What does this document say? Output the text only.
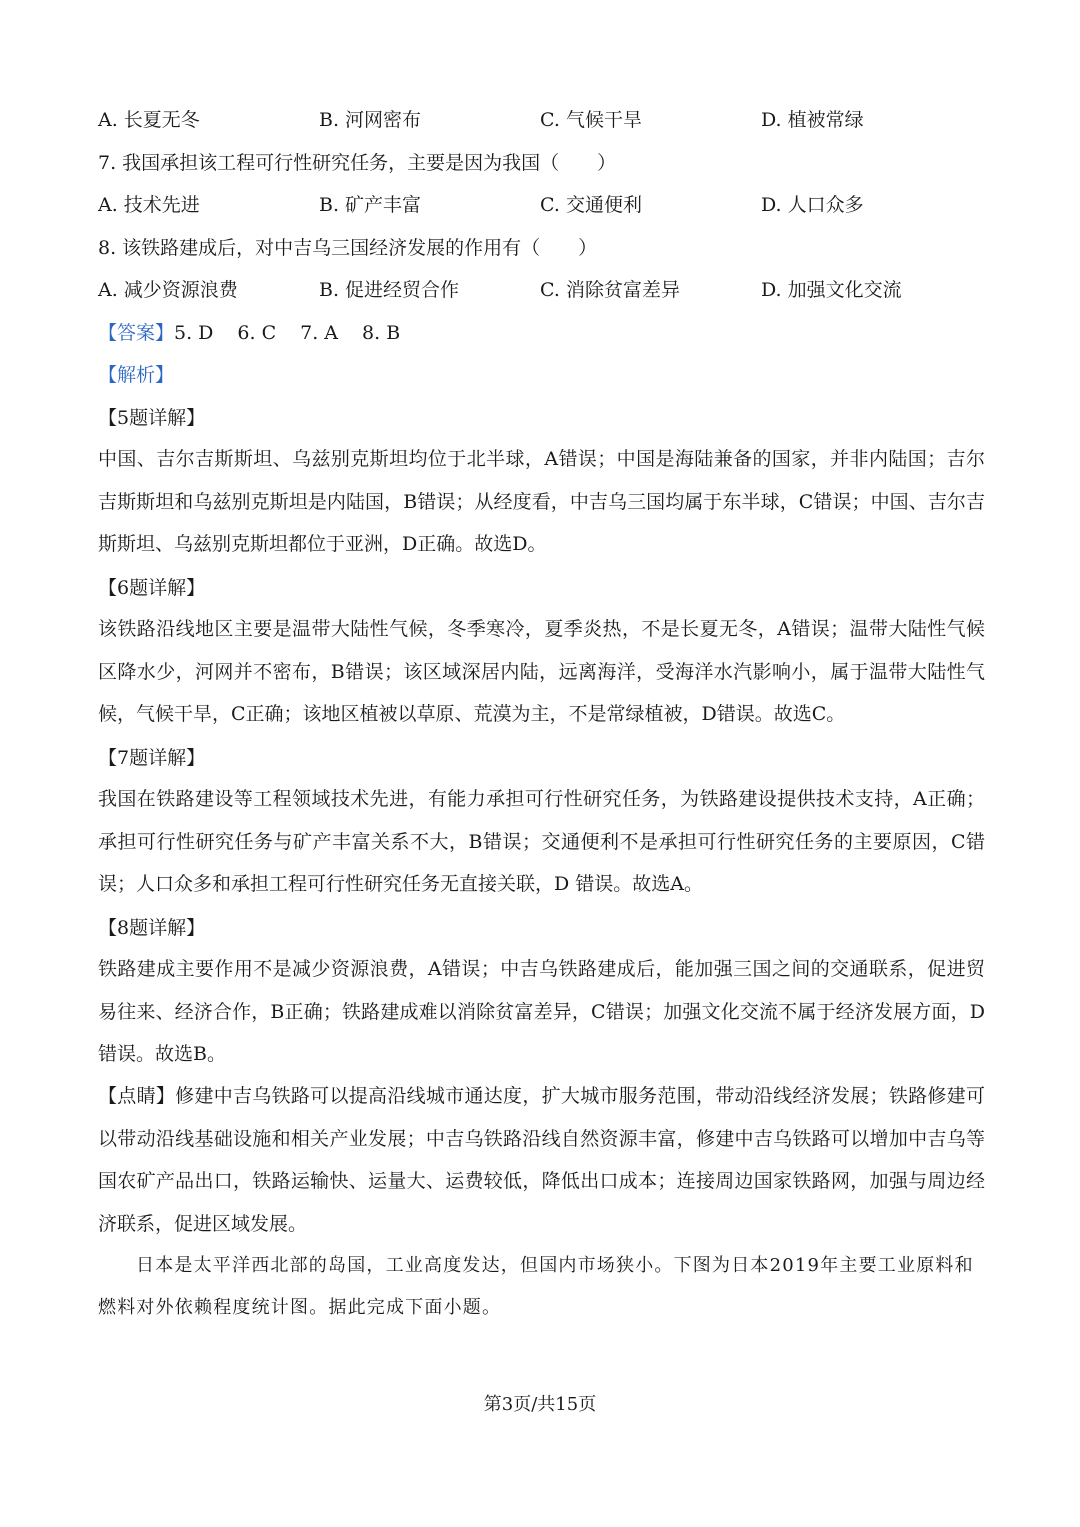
A. 长夏无冬	B. 河网密布	C. 气候干旱	D. 植被常绿
7. 我国承担该工程可行性研究任务，主要是因为我国（　　）
A. 技术先进	B. 矿产丰富	C. 交通便利	D. 人口众多
8. 该铁路建成后，对中吉乌三国经济发展的作用有（　　）
A. 减少资源浪费	B. 促进经贸合作	C. 消除贫富差异	D. 加强文化交流
【答案】5. D 6. C 7. A 8. B
【解析】
【5题详解】
中国、吉尔吉斯斯坦、乌兹别克斯坦均位于北半球，A错误；中国是海陆兼备的国家，并非内陆国；吉尔吉斯斯坦和乌兹别克斯坦是内陆国，B错误；从经度看，中吉乌三国均属于东半球，C错误；中国、吉尔吉斯斯坦、乌兹别克斯坦都位于亚洲，D正确。故选D。
【6题详解】
该铁路沿线地区主要是温带大陆性气候，冬季寒冷，夏季炎热，不是长夏无冬，A错误；温带大陆性气候区降水少，河网并不密布，B错误；该区域深居内陆，远离海洋，受海洋水汽影响小，属于温带大陆性气候，气候干旱，C正确；该地区植被以草原、荒漠为主，不是常绿植被，D错误。故选C。
【7题详解】
我国在铁路建设等工程领域技术先进，有能力承担可行性研究任务，为铁路建设提供技术支持，A正确；承担可行性研究任务与矿产丰富关系不大，B错误；交通便利不是承担可行性研究任务的主要原因，C错误；人口众多和承担工程可行性研究任务无直接关联，D 错误。故选A。
【8题详解】
铁路建成主要作用不是减少资源浪费，A错误；中吉乌铁路建成后，能加强三国之间的交通联系，促进贸易往来、经济合作，B正确；铁路建成难以消除贫富差异，C错误；加强文化交流不属于经济发展方面，D错误。故选B。
【点睛】修建中吉乌铁路可以提高沿线城市通达度，扩大城市服务范围，带动沿线经济发展；铁路修建可以带动沿线基础设施和相关产业发展；中吉乌铁路沿线自然资源丰富，修建中吉乌铁路可以增加中吉乌等国农矿产品出口，铁路运输快、运量大、运费较低，降低出口成本；连接周边国家铁路网，加强与周边经济联系，促进区域发展。
日本是太平洋西北部的岛国，工业高度发达，但国内市场狭小。下图为日本2019年主要工业原料和燃料对外依赖程度统计图。据此完成下面小题。
第3页/共15页
